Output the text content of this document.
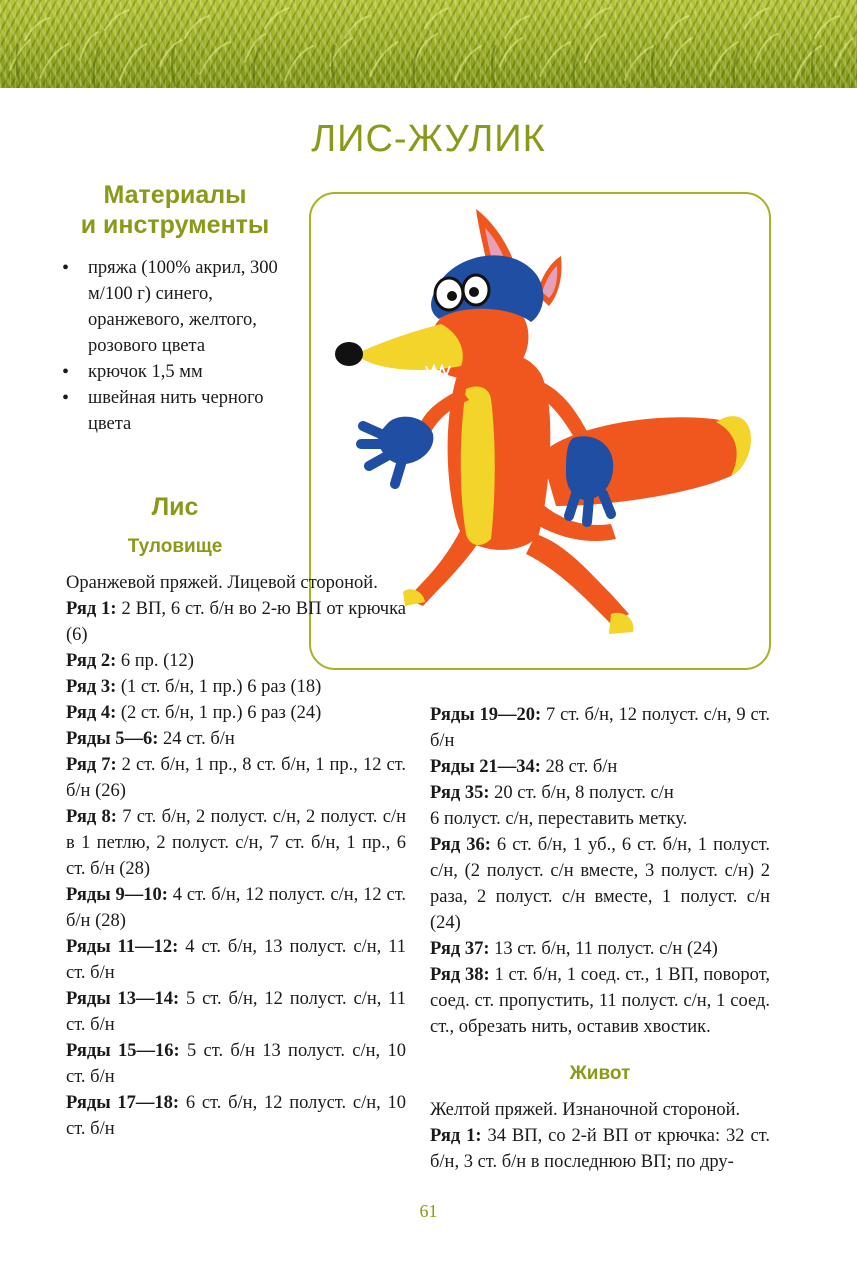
ЛИС-ЖУЛИК
Материалы
и инструменты
• пряжа (100% акрил, 300 м/100 г) синего, оранжевого, желтого, розового цвета
• крючок 1,5 мм
• швейная нить черного цвета
Лис
Туловище

Оранжевой пряжей. Лицевой стороной.

Ряд 1: 2 ВП, 6 ст. б/н во 2-ю ВП от крючка (6)

Ряд 2: 6 пр. (12)

Ряд 3: (1 ст. б/н, 1 пр.) 6 раз (18)

Ряд 4: (2 ст. б/н, 1 пр.) 6 раз (24)

Ряды 5—6: 24 ст. б/н

Ряд 7: 2 ст. б/н, 1 пр., 8 ст. б/н, 1 пр., 12 ст. б/н (26)

Ряд 8: 7 ст. б/н, 2 полуст. с/н, 2 полуст. с/н в 1 петлю, 2 полуст. с/н, 7 ст. б/н, 1 пр., 6 ст. б/н (28)

Ряды 9—10: 4 ст. б/н, 12 полуст. с/н, 12 ст. б/н (28)

Ряды 11—12: 4 ст. б/н, 13 полуст. с/н, 11 ст. б/н

Ряды 13—14: 5 ст. б/н, 12 полуст. с/н, 11 ст. б/н

Ряды 15—16: 5 ст. б/н 13 полуст. с/н, 10 ст. б/н

Ряды 17—18: 6 ст. б/н, 12 полуст. с/н, 10 ст. б/н

Ряды 19—20: 7 ст. б/н, 12 полуст. с/н, 9 ст. б/н

Ряды 21—34: 28 ст. б/н

Ряд 35: 20 ст. б/н, 8 полуст. с/н

6 полуст. с/н, переставить метку.

Ряд 36: 6 ст. б/н, 1 уб., 6 ст. б/н, 1 полуст. с/н, (2 полуст. с/н вместе, 3 полуст. с/н) 2 раза, 2 полуст. с/н вместе, 1 полуст. с/н (24)

Ряд 37: 13 ст. б/н, 11 полуст. с/н (24)

Ряд 38: 1 ст. б/н, 1 соед. ст., 1 ВП, поворот, соед. ст. пропустить, 11 полуст. с/н, 1 соед. ст., обрезать нить, оставив хвостик.

Живот

Желтой пряжей. Изнаночной стороной.

Ряд 1: 34 ВП, со 2-й ВП от крючка: 32 ст. б/н, 3 ст. б/н в последнюю ВП; по дру-

61
